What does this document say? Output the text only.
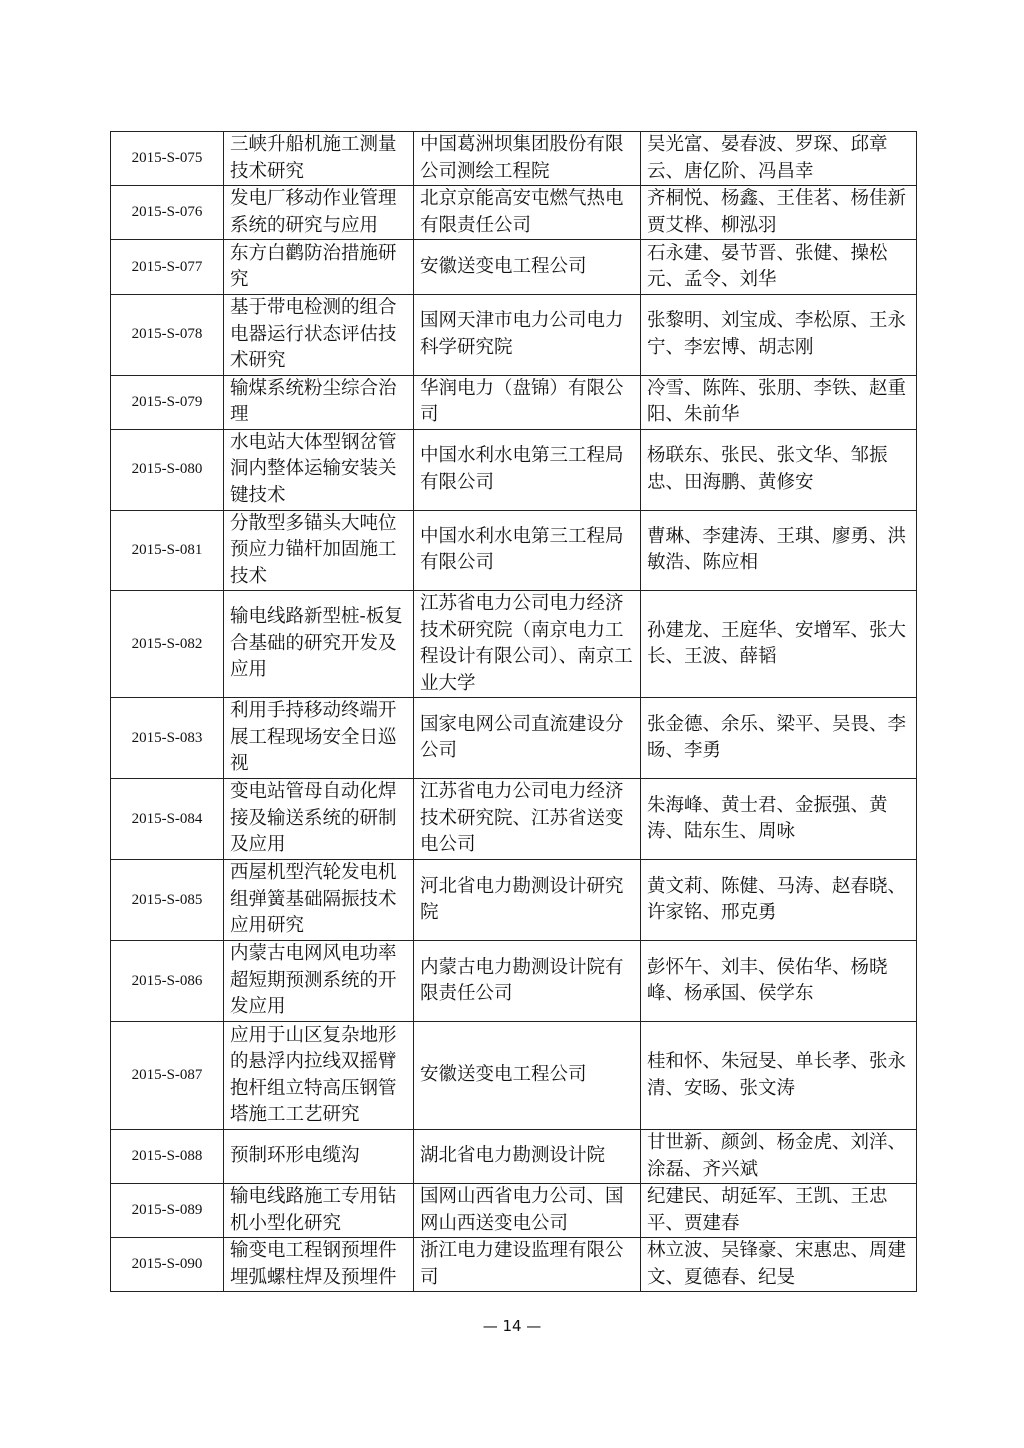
2015-S-075	三峡升船机施工测量技术研究	中国葛洲坝集团股份有限公司测绘工程院	吴光富、晏春波、罗琛、邱章云、唐亿阶、冯昌幸

2015-S-076	发电厂移动作业管理系统的研究与应用	北京京能高安屯燃气热电有限责任公司	齐桐悦、杨鑫、王佳茗、杨佳新贾艾桦、柳泓羽

2015-S-077	东方白鹳防治措施研究	安徽送变电工程公司	石永建、晏节晋、张健、操松元、孟令、刘华

2015-S-078	基于带电检测的组合电器运行状态评估技术研究	国网天津市电力公司电力科学研究院	张黎明、刘宝成、李松原、王永宁、李宏博、胡志刚

2015-S-079	输煤系统粉尘综合治理	华润电力（盘锦）有限公司	冷雪、陈阵、张朋、李铁、赵重阳、朱前华

2015-S-080	水电站大体型钢岔管洞内整体运输安装关键技术	中国水利水电第三工程局有限公司	杨联东、张民、张文华、邹振忠、田海鹏、黄修安

2015-S-081	分散型多锚头大吨位预应力锚杆加固施工技术	中国水利水电第三工程局有限公司	曹琳、李建涛、王琪、廖勇、洪敏浩、陈应相

2015-S-082	输电线路新型桩-板复合基础的研究开发及应用	江苏省电力公司电力经济技术研究院（南京电力工程设计有限公司）、南京工业大学	孙建龙、王庭华、安增军、张大长、王波、薛韬

2015-S-083	利用手持移动终端开展工程现场安全日巡视	国家电网公司直流建设分公司	张金德、余乐、梁平、吴畏、李旸、李勇

2015-S-084	变电站管母自动化焊接及输送系统的研制及应用	江苏省电力公司电力经济技术研究院、江苏省送变电公司	朱海峰、黄士君、金振强、黄涛、陆东生、周咏

2015-S-085	西屋机型汽轮发电机组弹簧基础隔振技术应用研究	河北省电力勘测设计研究院	黄文莉、陈健、马涛、赵春晓、许家铭、邢克勇

2015-S-086	内蒙古电网风电功率超短期预测系统的开发应用	内蒙古电力勘测设计院有限责任公司	彭怀午、刘丰、侯佑华、杨晓峰、杨承国、侯学东

2015-S-087	应用于山区复杂地形的悬浮内拉线双摇臂抱杆组立特高压钢管塔施工工艺研究	安徽送变电工程公司	桂和怀、朱冠旻、单长孝、张永清、安旸、张文涛

2015-S-088	预制环形电缆沟	湖北省电力勘测设计院	甘世新、颜剑、杨金虎、刘洋、涂磊、齐兴斌

2015-S-089	输电线路施工专用钻机小型化研究	国网山西省电力公司、国网山西送变电公司	纪建民、胡延军、王凯、王忠平、贾建春

2015-S-090	输变电工程钢预埋件埋弧螺柱焊及预埋件	浙江电力建设监理有限公司	林立波、吴锋豪、宋惠忠、周建文、夏德春、纪旻
— 14 —
